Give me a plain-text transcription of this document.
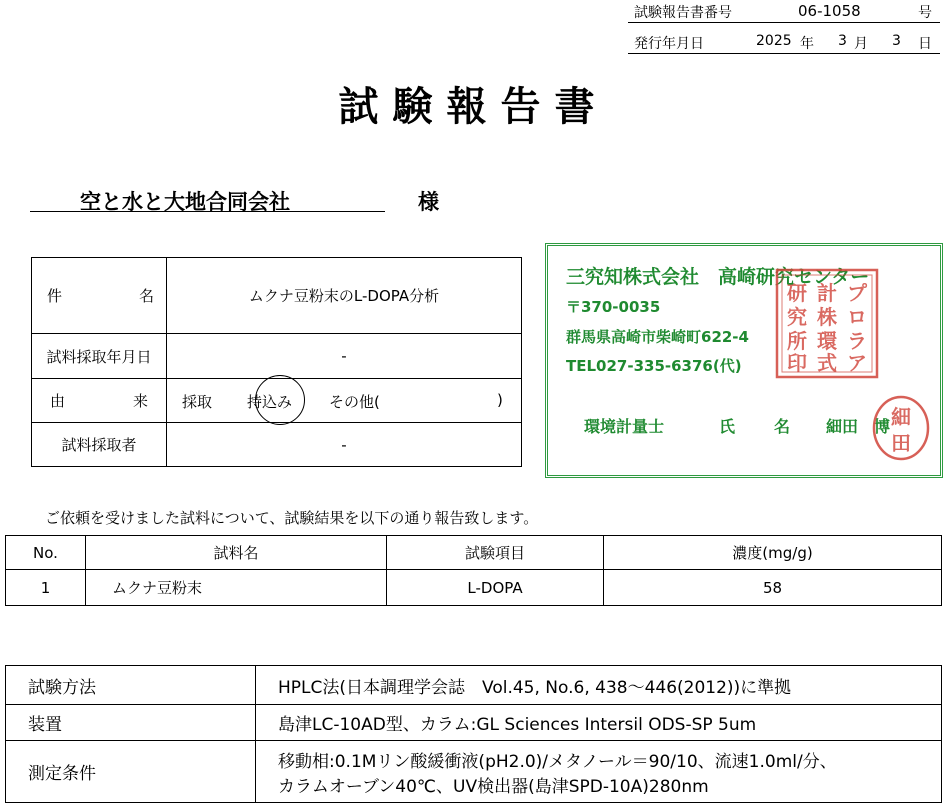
試験報告書番号	06-1058	号
発行年月日	2025 年 3 月 3 日
試験報告書
空と水と大地合同会社	様
件 名	ムクナ豆粉末のL-DOPA分析
試料採取年月日	-

由 来	採取 持込み その他( )

試料採取者	-
三究知株式会社　高崎研究センター
〒370-0035
群馬県高崎市柴崎町622-4
TEL027-335-6376(代)
環境計量士	氏 名 細田　博
プ
ロ
ラ
ア
計
株
環
式
研
究
所
印
細
田
ご依頼を受けました試料について、試験結果を以下の通り報告致します。
No.	試料名	試験項目	濃度(mg/g)
1	ムクナ豆粉末	L-DOPA	58
試験方法	HPLC法(日本調理学会誌　Vol.45, No.6, 438〜446(2012))に準拠
装置	島津LC-10AD型、カラム:GL Sciences Intersil ODS-SP 5um
測定条件	移動相:0.1Mリン酸緩衝液(pH2.0)/メタノール＝90/10、流速1.0ml/分、
カラムオーブン40℃、UV検出器(島津SPD-10A)280nm
